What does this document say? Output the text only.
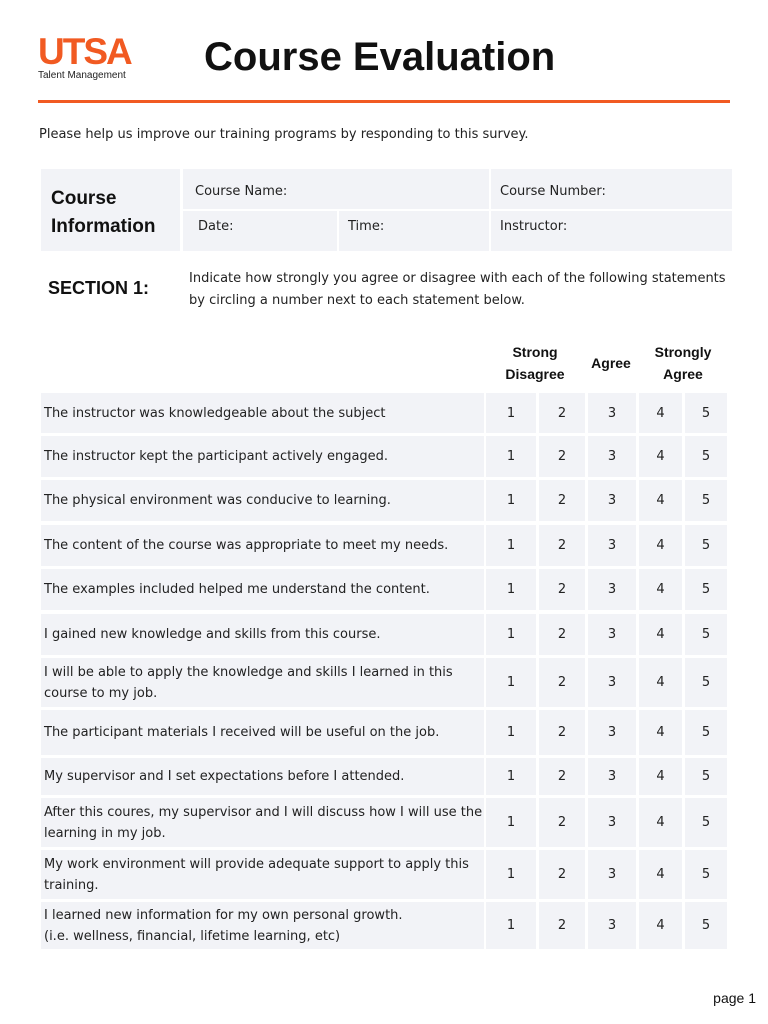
UTSA
Talent Management	Course Evaluation
Please help us improve our training programs by responding to this survey.
Course Information
Course Name:	Course Number:
Date:	Time:	Instructor:
SECTION 1:	Indicate how strongly you agree or disagree with each of the following statements by circling a number next to each statement below.
Strong
Disagree
Agree
Strongly
Agree
The instructor was knowledgeable about the subject	1	2	3	4	5
The instructor kept the participant actively engaged.	1	2	3	4	5
The physical environment was conducive to learning.	1	2	3	4	5
The content of the course was appropriate to meet my needs.	1	2	3	4	5
The examples included helped me understand the content.	1	2	3	4	5
I gained new knowledge and skills from this course.	1	2	3	4	5
I will be able to apply the knowledge and skills I learned in this
course to my job.
1	2	3	4	5
The participant materials I received will be useful on the job.	1	2	3	4	5
My supervisor and I set expectations before I attended.	1	2	3	4	5
After this coures, my supervisor and I will discuss how I will use the
learning in my job.
1	2	3	4	5
My work environment will provide adequate support to apply this
training.
1	2	3	4	5
I learned new information for my own personal growth.
(i.e. wellness, financial, lifetime learning, etc)
1	2	3	4	5
page 1
